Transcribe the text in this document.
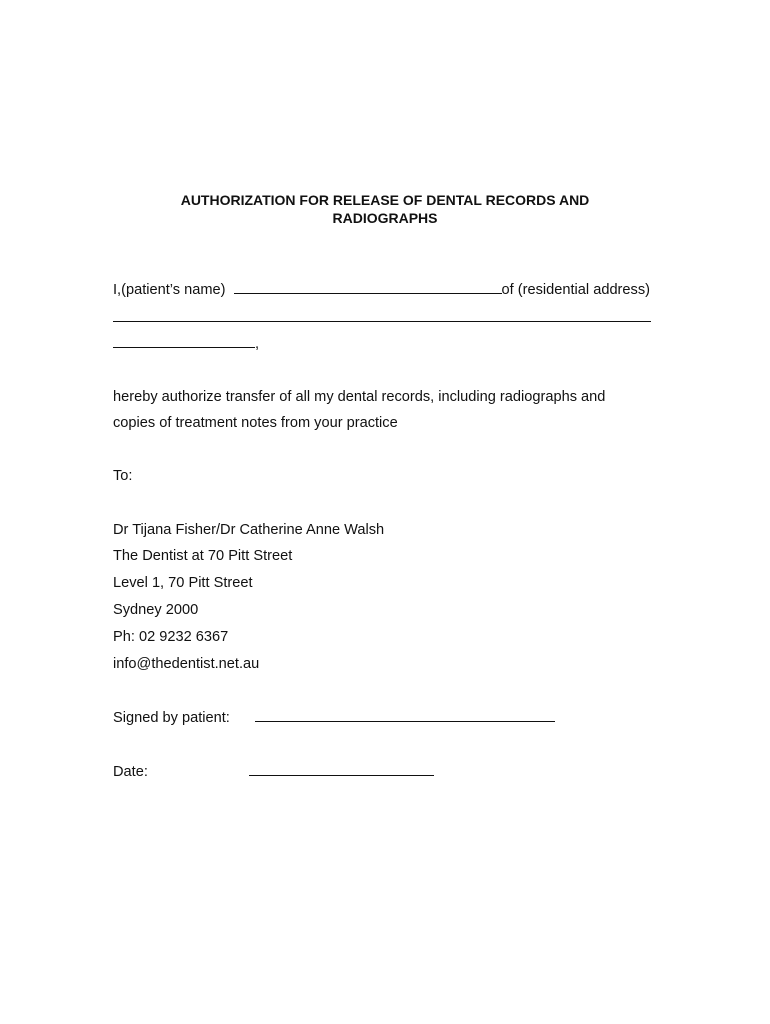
AUTHORIZATION FOR RELEASE OF DENTAL RECORDS AND
RADIOGRAPHS
I,(patient’s name)	of (residential address)
,
hereby authorize transfer of all my dental records, including radiographs and
copies of treatment notes from your practice
To:
Dr Tijana Fisher/Dr Catherine Anne Walsh
The Dentist at 70 Pitt Street
Level 1, 70 Pitt Street
Sydney 2000
Ph: 02 9232 6367
info@thedentist.net.au
Signed by patient:
Date:
